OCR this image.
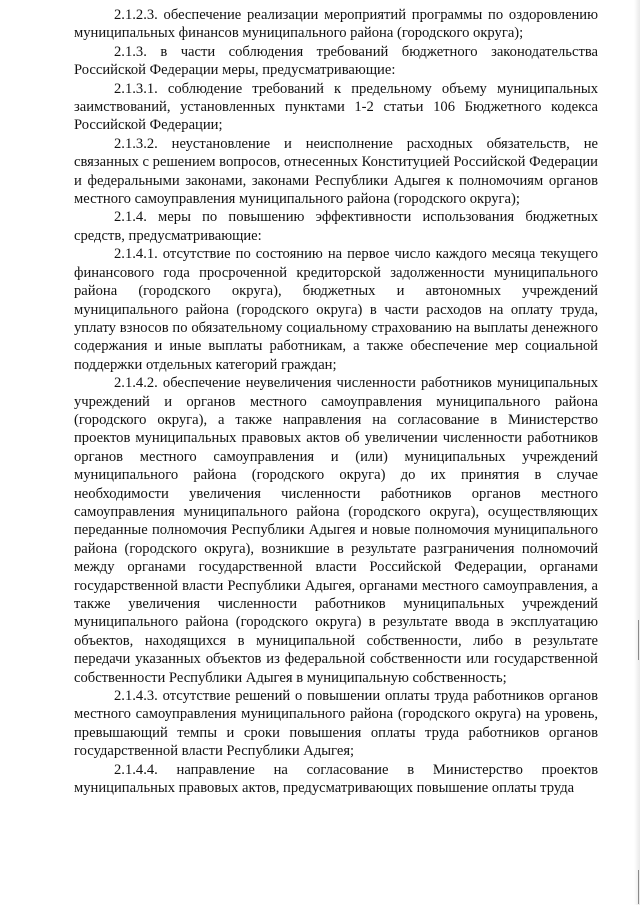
2.1.2.3. обеспечение реализации мероприятий программы по оздоровлению муниципальных финансов муниципального района (городского округа);

2.1.3. в части соблюдения требований бюджетного законодательства Российской Федерации меры, предусматривающие:

2.1.3.1. соблюдение требований к предельному объему муниципальных заимствований, установленных пунктами 1-2 статьи 106 Бюджетного кодекса Российской Федерации;

2.1.3.2. неустановление и неисполнение расходных обязательств, не связанных с решением вопросов, отнесенных Конституцией Российской Федерации и федеральными законами, законами Республики Адыгея к полномочиям органов местного самоуправления муниципального района (городского округа);

2.1.4. меры по повышению эффективности использования бюджетных средств, предусматривающие:

2.1.4.1. отсутствие по состоянию на первое число каждого месяца текущего финансового года просроченной кредиторской задолженности муниципального района (городского округа), бюджетных и автономных учреждений муниципального района (городского округа) в части расходов на оплату труда, уплату взносов по обязательному социальному страхованию на выплаты денежного содержания и иные выплаты работникам, а также обеспечение мер социальной поддержки отдельных категорий граждан;

2.1.4.2. обеспечение неувеличения численности работников муниципальных учреждений и органов местного самоуправления муниципального района (городского округа), а также направления на согласование в Министерство проектов муниципальных правовых актов об увеличении численности работников органов местного самоуправления и (или) муниципальных учреждений муниципального района (городского округа) до их принятия в случае необходимости увеличения численности работников органов местного самоуправления муниципального района (городского округа), осуществляющих переданные полномочия Республики Адыгея и новые полномочия муниципального района (городского округа), возникшие в результате разграничения полномочий между органами государственной власти Российской Федерации, органами государственной власти Республики Адыгея, органами местного самоуправления, а также увеличения численности работников муниципальных учреждений муниципального района (городского округа) в результате ввода в эксплуатацию объектов, находящихся в муниципальной собственности, либо в результате передачи указанных объектов из федеральной собственности или государственной собственности Республики Адыгея в муниципальную собственность;

2.1.4.3. отсутствие решений о повышении оплаты труда работников органов местного самоуправления муниципального района (городского округа) на уровень, превышающий темпы и сроки повышения оплаты труда работников органов государственной власти Республики Адыгея;

2.1.4.4. направление на согласование в Министерство проектов муниципальных правовых актов, предусматривающих повышение оплаты труда
